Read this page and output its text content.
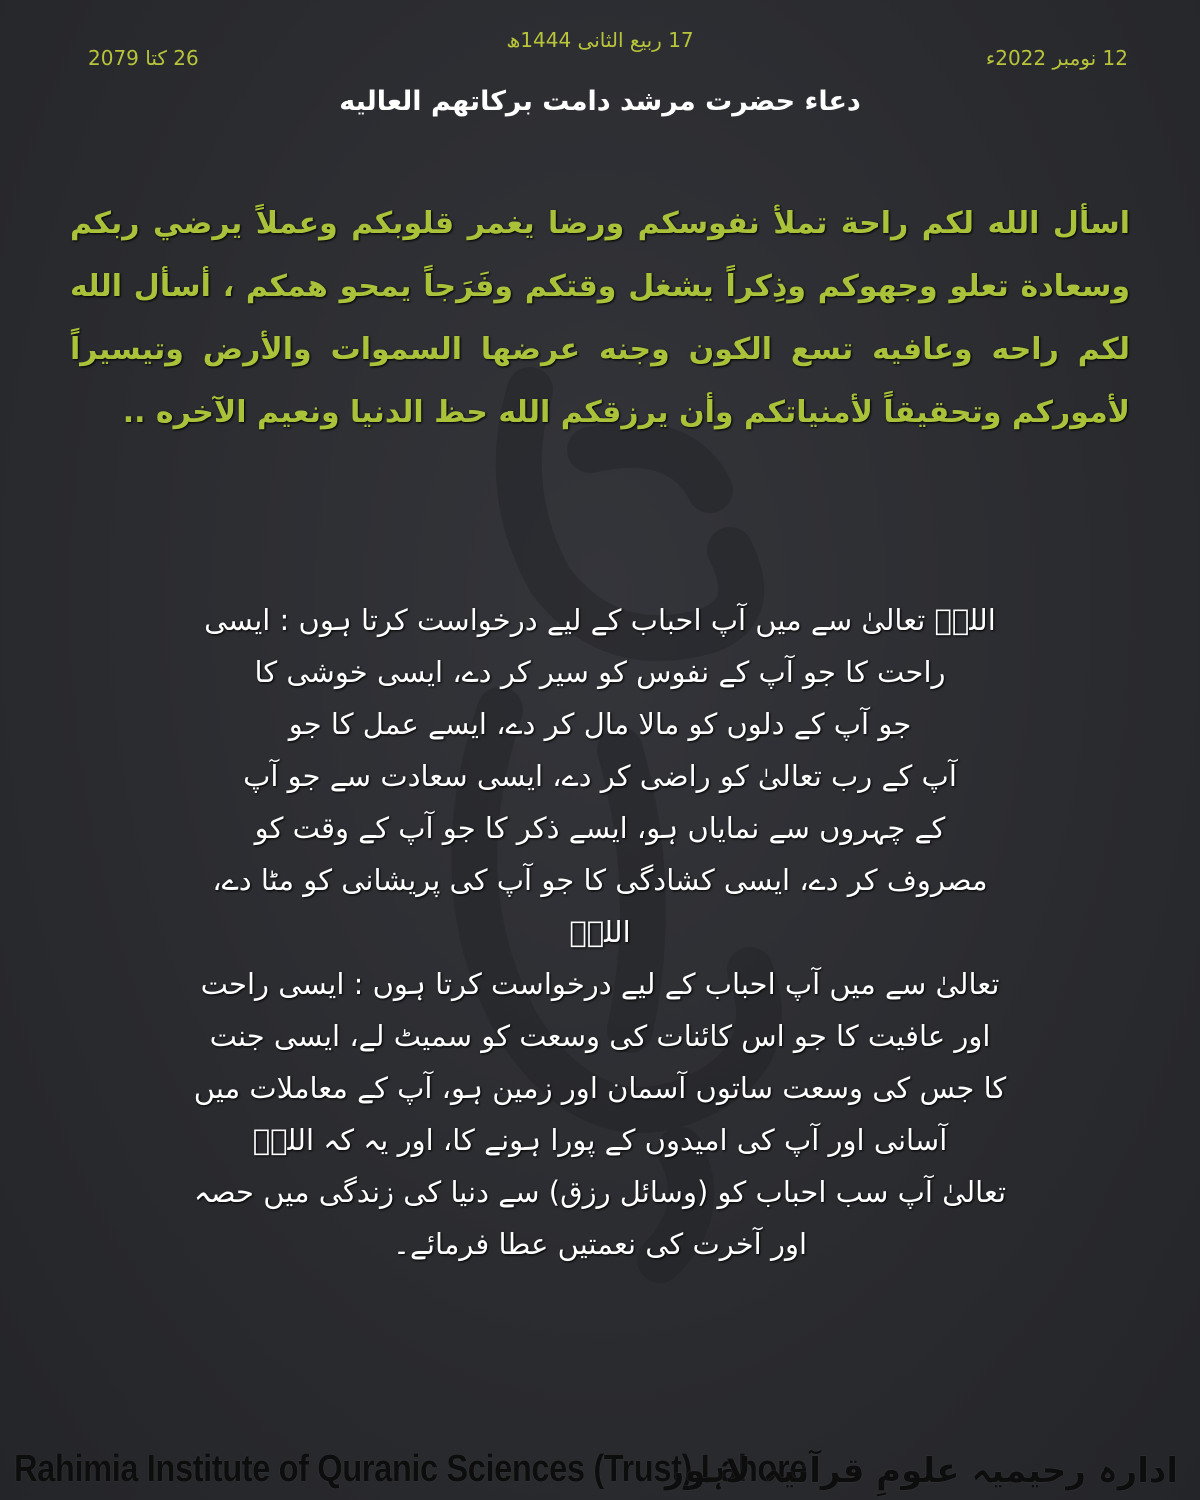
17 ربیع الثانی 1444ھ
12 نومبر 2022ء
26 کتا 2079
دعاء حضرت مرشد دامت برکاتهم العالیه
اسأل الله لکم راحة تملأ نفوسکم ورضا یغمر قلوبکم وعملاً یرضي ربکم وسعادة تعلو وجهوکم وذِکراً یشغل وقتکم وفَرَجاً یمحو همکم ، أسأل الله لکم راحه وعافیه تسع الکون وجنه عرضها السموات والأرض وتیسیراً لأمورکم وتحقیقاً لأمنیاتکم وأن یرزقکم الله حظ الدنیا ونعیم الآخره ..
اللہؔ تعالیٰ سے میں آپ احباب کے لیے درخواست کرتا ہوں : ایسی
راحت کا جو آپ کے نفوس کو سیر کر دے، ایسی خوشی کا
جو آپ کے دلوں کو مالا مال کر دے، ایسے عمل کا جو
آپ کے رب تعالیٰ کو راضی کر دے، ایسی سعادت سے جو آپ
کے چہروں سے نمایاں ہو، ایسے ذکر کا جو آپ کے وقت کو
مصروف کر دے، ایسی کشادگی کا جو آپ کی پریشانی کو مٹا دے، اللہؔ
تعالیٰ سے میں آپ احباب کے لیے درخواست کرتا ہوں : ایسی راحت
اور عافیت کا جو اس کائنات کی وسعت کو سمیٹ لے، ایسی جنت
کا جس کی وسعت ساتوں آسمان اور زمین ہو، آپ کے معاملات میں
آسانی اور آپ کی امیدوں کے پورا ہونے کا، اور یہ کہ اللہؔ
تعالیٰ آپ سب احباب کو (وسائل رزق) سے دنیا کی زندگی میں حصہ
اور آخرت کی نعمتیں عطا فرمائے۔
Rahimia Institute of Quranic Sciences (Trust) Lahore
ادارہ رحیمیہ علومِ قرآنیہ لاہور
